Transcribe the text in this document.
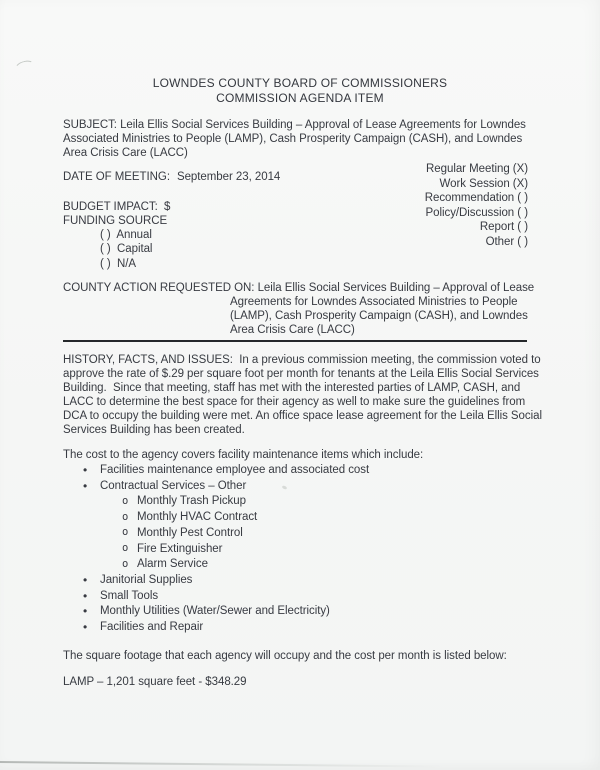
LOWNDES COUNTY BOARD OF COMMISSIONERS
COMMISSION AGENDA ITEM

SUBJECT: Leila Ellis Social Services Building – Approval of Lease Agreements for Lowndes Associated Ministries to People (LAMP), Cash Prosperity Campaign (CASH), and Lowndes Area Crisis Care (LACC)

Regular Meeting (X)
Work Session (X)
Recommendation ( )
Policy/Discussion ( )
Report ( )
Other ( )

DATE OF MEETING: September 23, 2014

BUDGET IMPACT:  $

FUNDING SOURCE
( )  Annual
( )  Capital
( )  N/A

COUNTY ACTION REQUESTED ON: Leila Ellis Social Services Building – Approval of Lease Agreements for Lowndes Associated Ministries to People (LAMP), Cash Prosperity Campaign (CASH), and Lowndes Area Crisis Care (LACC)

HISTORY, FACTS, AND ISSUES:  In a previous commission meeting, the commission voted to approve the rate of $.29 per square foot per month for tenants at the Leila Ellis Social Services Building.  Since that meeting, staff has met with the interested parties of LAMP, CASH, and LACC to determine the best space for their agency as well to make sure the guidelines from DCA to occupy the building were met. An office space lease agreement for the Leila Ellis Social Services Building has been created.

The cost to the agency covers facility maintenance items which include:

• Facilities maintenance employee and associated cost
• Contractual Services – Other
o Monthly Trash Pickup
o Monthly HVAC Contract
o Monthly Pest Control
o Fire Extinguisher
o Alarm Service
• Janitorial Supplies
• Small Tools
• Monthly Utilities (Water/Sewer and Electricity)
• Facilities and Repair

The square footage that each agency will occupy and the cost per month is listed below:

LAMP – 1,201 square feet - $348.29
